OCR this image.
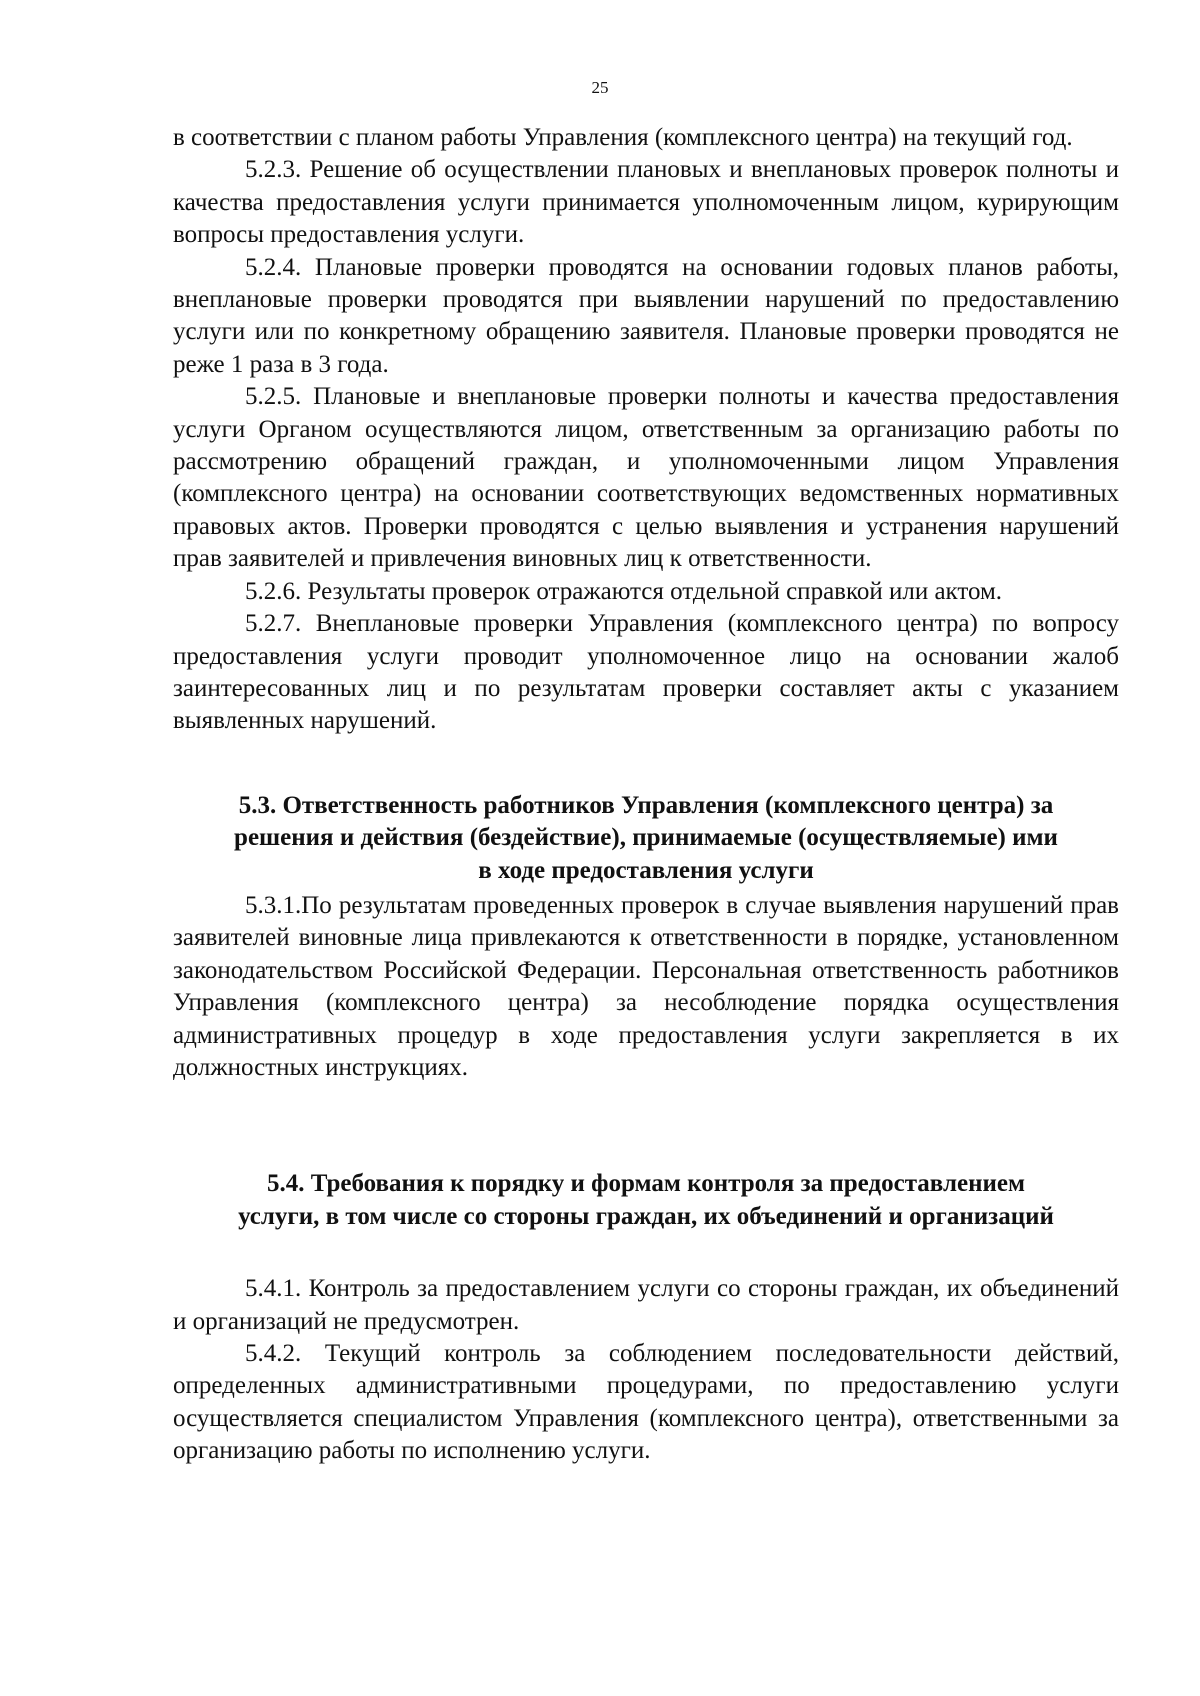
25

в соответствии с планом работы Управления (комплексного центра) на текущий год.

5.2.3. Решение об осуществлении плановых и внеплановых проверок полноты и качества предоставления услуги принимается уполномоченным лицом, курирующим вопросы предоставления услуги.

5.2.4. Плановые проверки проводятся на основании годовых планов работы, внеплановые проверки проводятся при выявлении нарушений по предоставлению услуги или по конкретному обращению заявителя. Плановые проверки проводятся не реже 1 раза в 3 года.

5.2.5. Плановые и внеплановые проверки полноты и качества предоставления услуги Органом осуществляются лицом, ответственным за организацию работы по рассмотрению обращений граждан, и уполномоченными лицом Управления (комплексного центра) на основании соответствующих ведомственных нормативных правовых актов. Проверки проводятся с целью выявления и устранения нарушений прав заявителей и привлечения виновных лиц к ответственности.

5.2.6. Результаты проверок отражаются отдельной справкой или актом.

5.2.7. Внеплановые проверки Управления (комплексного центра) по вопросу предоставления услуги проводит уполномоченное лицо на основании жалоб заинтересованных лиц и по результатам проверки составляет акты с указанием выявленных нарушений.

5.3. Ответственность работников Управления (комплексного центра) за
решения и действия (бездействие), принимаемые (осуществляемые) ими
в ходе предоставления услуги

5.3.1.По результатам проведенных проверок в случае выявления нарушений прав заявителей виновные лица привлекаются к ответственности в порядке, установленном законодательством Российской Федерации. Персональная ответственность работников Управления (комплексного центра) за несоблюдение порядка осуществления административных процедур в ходе предоставления услуги закрепляется в их должностных инструкциях.

5.4. Требования к порядку и формам контроля за предоставлением
услуги, в том числе со стороны граждан, их объединений и организаций

5.4.1. Контроль за предоставлением услуги со стороны граждан, их объединений и организаций не предусмотрен.

5.4.2. Текущий контроль за соблюдением последовательности действий, определенных административными процедурами, по предоставлению услуги осуществляется специалистом Управления (комплексного центра), ответственными за организацию работы по исполнению услуги.
